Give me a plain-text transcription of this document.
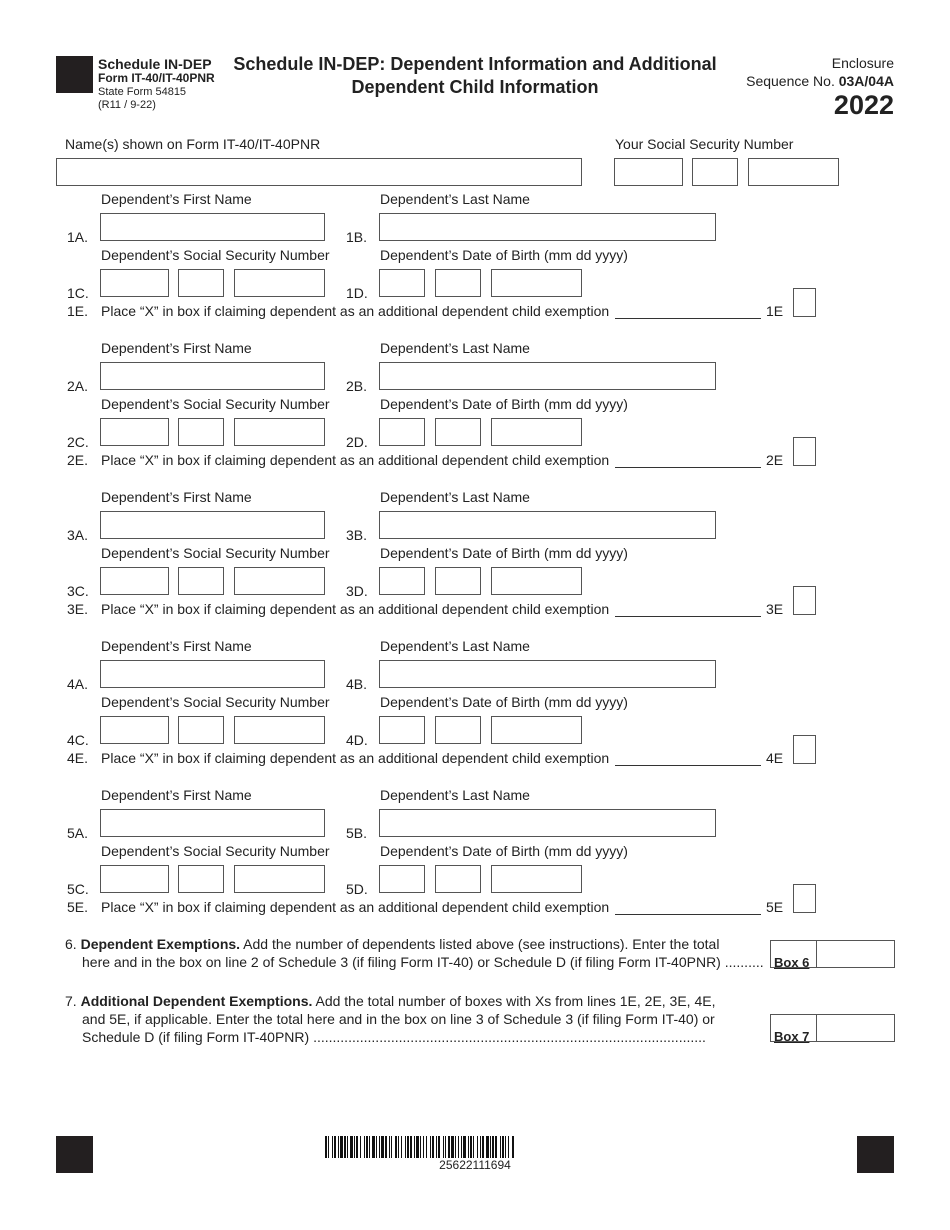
Schedule IN-DEP
Form IT-40/IT-40PNR
State Form 54815
(R11 / 9-22)
Schedule IN-DEP: Dependent Information and Additional
Dependent Child Information
Enclosure
Sequence No. 03A/04A
2022
Name(s) shown on Form IT-40/IT-40PNR	Your Social Security Number
Dependent’s First Name	Dependent’s Last Name
1A.	1B.
Dependent’s Social Security Number	Dependent’s Date of Birth (mm dd yyyy)
1C.	1D.
1E. Place “X” in box if claiming dependent as an additional dependent child exemption	1E
Dependent’s First Name	Dependent’s Last Name
2A.	2B.
Dependent’s Social Security Number	Dependent’s Date of Birth (mm dd yyyy)
2C.	2D.
2E. Place “X” in box if claiming dependent as an additional dependent child exemption	2E
Dependent’s First Name	Dependent’s Last Name
3A.	3B.
Dependent’s Social Security Number	Dependent’s Date of Birth (mm dd yyyy)
3C.	3D.
3E. Place “X” in box if claiming dependent as an additional dependent child exemption	3E
Dependent’s First Name	Dependent’s Last Name
4A.	4B.
Dependent’s Social Security Number	Dependent’s Date of Birth (mm dd yyyy)
4C.	4D.
4E. Place “X” in box if claiming dependent as an additional dependent child exemption	4E
Dependent’s First Name	Dependent’s Last Name
5A.	5B.
Dependent’s Social Security Number	Dependent’s Date of Birth (mm dd yyyy)
5C.	5D.
5E. Place “X” in box if claiming dependent as an additional dependent child exemption	5E
6. Dependent Exemptions. Add the number of dependents listed above (see instructions). Enter the total
here and in the box on line 2 of Schedule 3 (if filing Form IT-40) or Schedule D (if filing Form IT-40PNR) .......... Box 6
7. Additional Dependent Exemptions. Add the total number of boxes with Xs from lines 1E, 2E, 3E, 4E,
and 5E, if applicable. Enter the total here and in the box on line 3 of Schedule 3 (if filing Form IT-40) or
Schedule D (if filing Form IT-40PNR) .....................................................................................................	Box 7
25622111694
